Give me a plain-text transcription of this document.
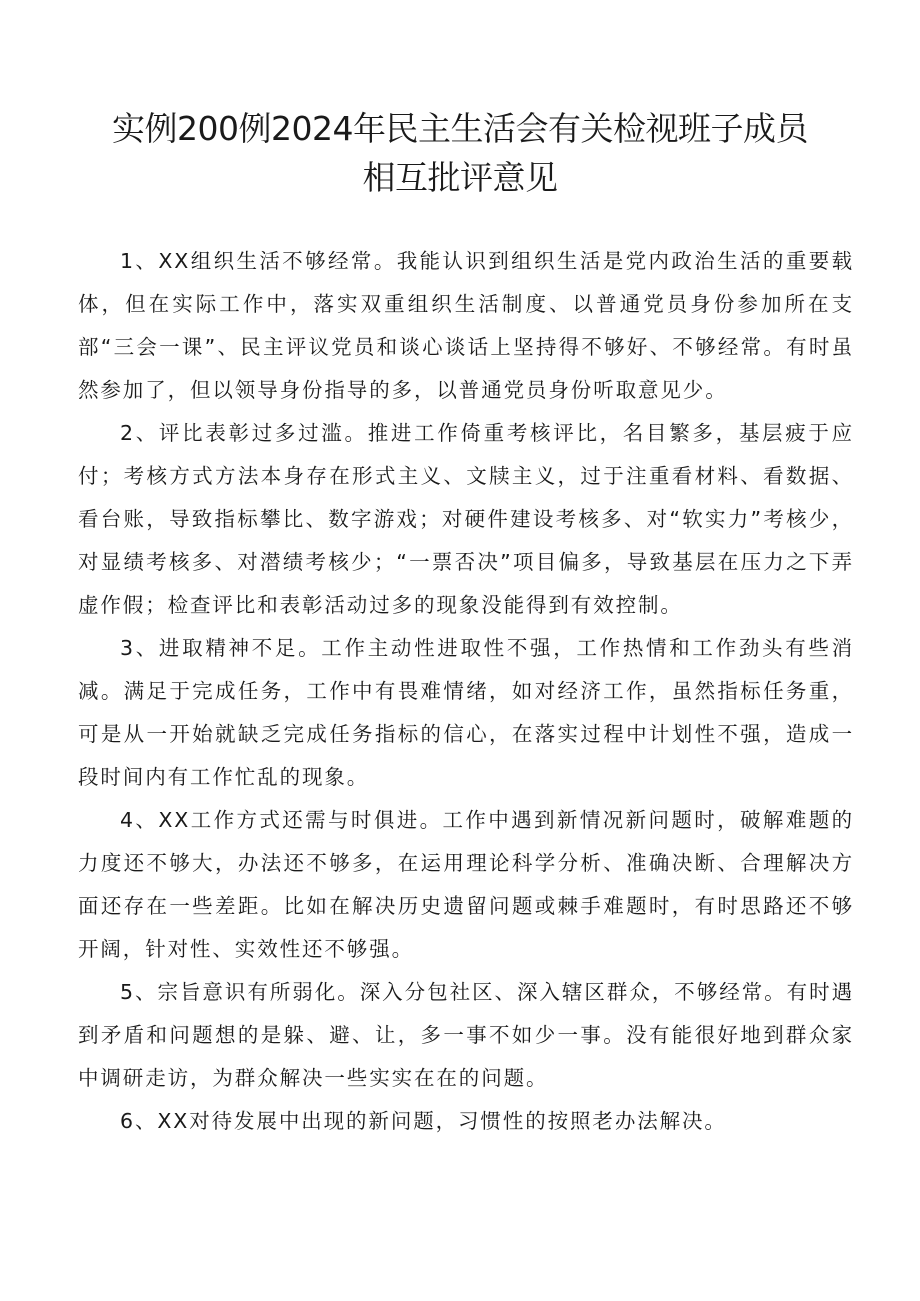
实例200例2024年民主生活会有关检视班子成员
相互批评意见

1、XX组织生活不够经常。我能认识到组织生活是党内政治生活的重要载体，但在实际工作中，落实双重组织生活制度、以普通党员身份参加所在支部“三会一课”、民主评议党员和谈心谈话上坚持得不够好、不够经常。有时虽然参加了，但以领导身份指导的多，以普通党员身份听取意见少。

2、评比表彰过多过滥。推进工作倚重考核评比，名目繁多，基层疲于应付；考核方式方法本身存在形式主义、文牍主义，过于注重看材料、看数据、看台账，导致指标攀比、数字游戏；对硬件建设考核多、对“软实力”考核少，对显绩考核多、对潜绩考核少；“一票否决”项目偏多，导致基层在压力之下弄虚作假；检查评比和表彰活动过多的现象没能得到有效控制。

3、进取精神不足。工作主动性进取性不强，工作热情和工作劲头有些消减。满足于完成任务，工作中有畏难情绪，如对经济工作，虽然指标任务重，可是从一开始就缺乏完成任务指标的信心，在落实过程中计划性不强，造成一段时间内有工作忙乱的现象。

4、XX工作方式还需与时俱进。工作中遇到新情况新问题时，破解难题的力度还不够大，办法还不够多，在运用理论科学分析、准确决断、合理解决方面还存在一些差距。比如在解决历史遗留问题或棘手难题时，有时思路还不够开阔，针对性、实效性还不够强。

5、宗旨意识有所弱化。深入分包社区、深入辖区群众，不够经常。有时遇到矛盾和问题想的是躲、避、让，多一事不如少一事。没有能很好地到群众家中调研走访，为群众解决一些实实在在的问题。

6、XX对待发展中出现的新问题，习惯性的按照老办法解决。
